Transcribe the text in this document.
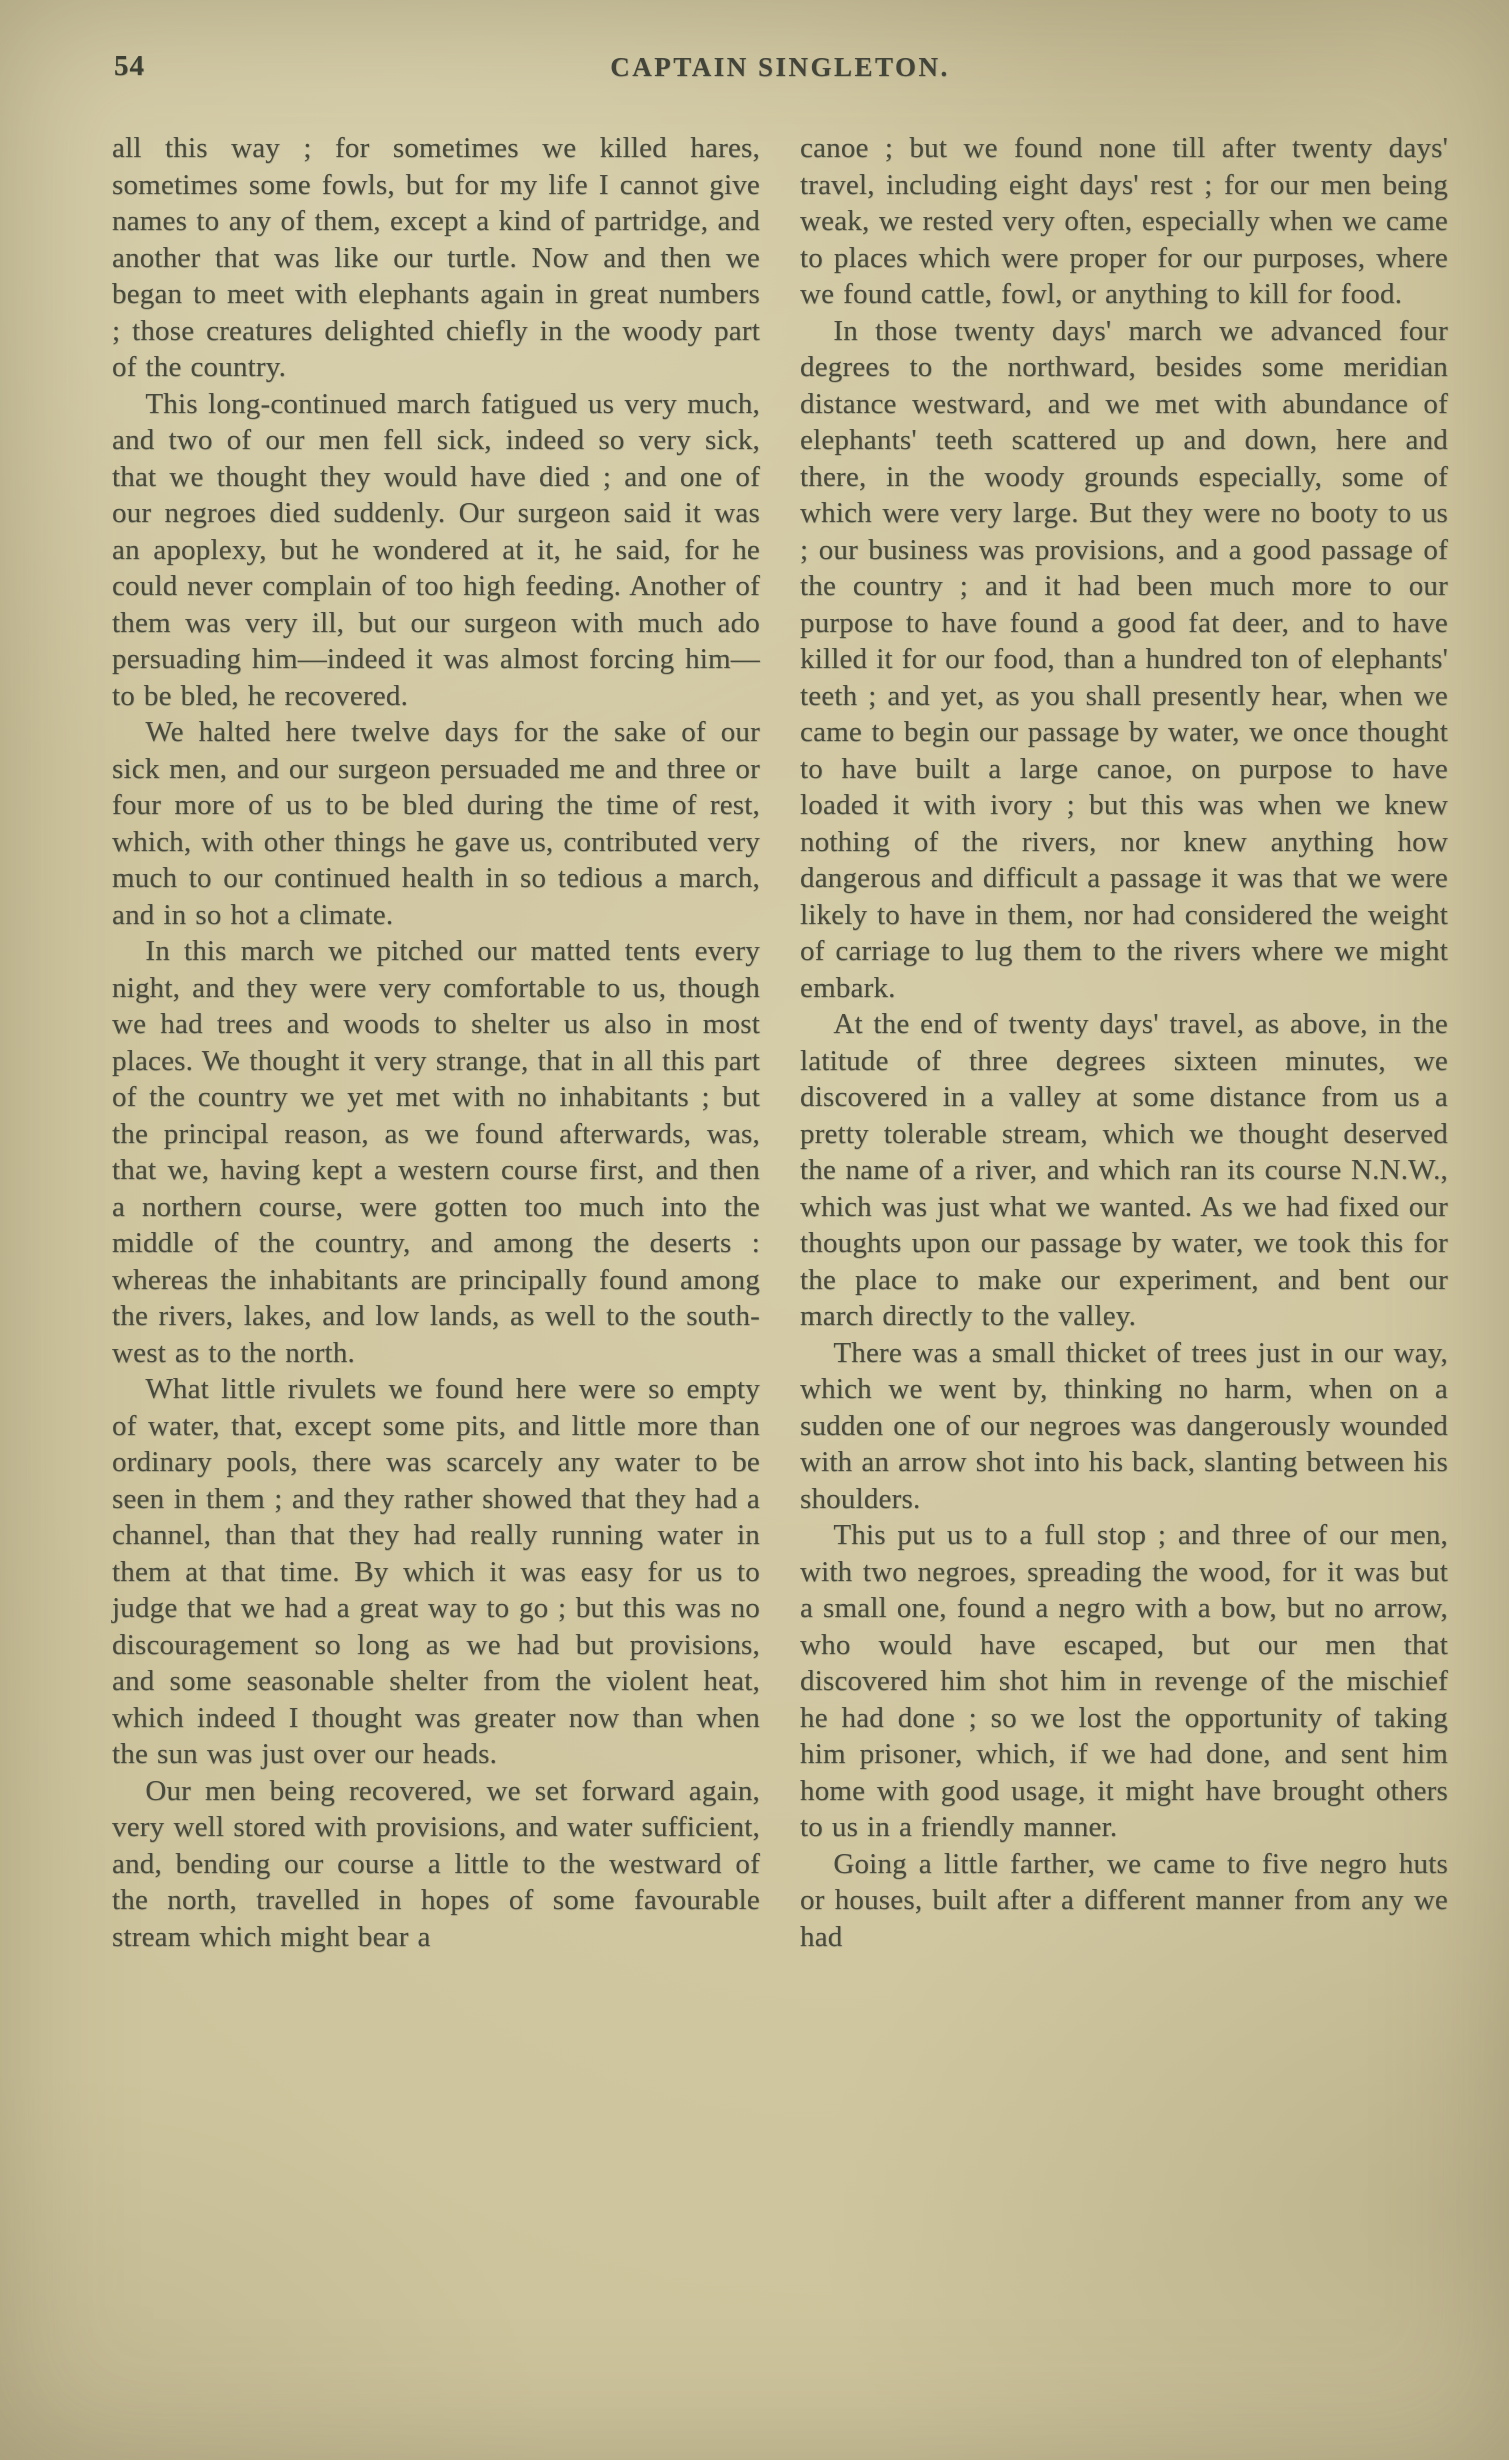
54	CAPTAIN SINGLETON.

all this way ; for sometimes we killed hares, sometimes some fowls, but for my life I cannot give names to any of them, except a kind of partridge, and another that was like our turtle. Now and then we began to meet with elephants again in great numbers ; those creatures delighted chiefly in the woody part of the country.

This long-continued march fatigued us very much, and two of our men fell sick, indeed so very sick, that we thought they would have died ; and one of our negroes died suddenly. Our surgeon said it was an apoplexy, but he wondered at it, he said, for he could never complain of too high feeding. Another of them was very ill, but our surgeon with much ado persuading him—indeed it was almost forcing him—to be bled, he recovered.

We halted here twelve days for the sake of our sick men, and our surgeon persuaded me and three or four more of us to be bled during the time of rest, which, with other things he gave us, contributed very much to our continued health in so tedious a march, and in so hot a climate.

In this march we pitched our matted tents every night, and they were very comfortable to us, though we had trees and woods to shelter us also in most places. We thought it very strange, that in all this part of the country we yet met with no inhabitants ; but the principal reason, as we found afterwards, was, that we, having kept a western course first, and then a northern course, were gotten too much into the middle of the country, and among the deserts : whereas the inhabitants are principally found among the rivers, lakes, and low lands, as well to the south-west as to the north.

What little rivulets we found here were so empty of water, that, except some pits, and little more than ordinary pools, there was scarcely any water to be seen in them ; and they rather showed that they had a channel, than that they had really running water in them at that time. By which it was easy for us to judge that we had a great way to go ; but this was no discouragement so long as we had but provisions, and some seasonable shelter from the violent heat, which indeed I thought was greater now than when the sun was just over our heads.

Our men being recovered, we set forward again, very well stored with provisions, and water sufficient, and, bending our course a little to the westward of the north, travelled in hopes of some favourable stream which might bear a

canoe ; but we found none till after twenty days' travel, including eight days' rest ; for our men being weak, we rested very often, especially when we came to places which were proper for our purposes, where we found cattle, fowl, or anything to kill for food.

In those twenty days' march we advanced four degrees to the northward, besides some meridian distance westward, and we met with abundance of elephants' teeth scattered up and down, here and there, in the woody grounds especially, some of which were very large. But they were no booty to us ; our business was provisions, and a good passage of the country ; and it had been much more to our purpose to have found a good fat deer, and to have killed it for our food, than a hundred ton of elephants' teeth ; and yet, as you shall presently hear, when we came to begin our passage by water, we once thought to have built a large canoe, on purpose to have loaded it with ivory ; but this was when we knew nothing of the rivers, nor knew anything how dangerous and difficult a passage it was that we were likely to have in them, nor had considered the weight of carriage to lug them to the rivers where we might embark.

At the end of twenty days' travel, as above, in the latitude of three degrees sixteen minutes, we discovered in a valley at some distance from us a pretty tolerable stream, which we thought deserved the name of a river, and which ran its course N.N.W., which was just what we wanted. As we had fixed our thoughts upon our passage by water, we took this for the place to make our experiment, and bent our march directly to the valley.

There was a small thicket of trees just in our way, which we went by, thinking no harm, when on a sudden one of our negroes was dangerously wounded with an arrow shot into his back, slanting between his shoulders.

This put us to a full stop ; and three of our men, with two negroes, spreading the wood, for it was but a small one, found a negro with a bow, but no arrow, who would have escaped, but our men that discovered him shot him in revenge of the mischief he had done ; so we lost the opportunity of taking him prisoner, which, if we had done, and sent him home with good usage, it might have brought others to us in a friendly manner.

Going a little farther, we came to five negro huts or houses, built after a different manner from any we had
